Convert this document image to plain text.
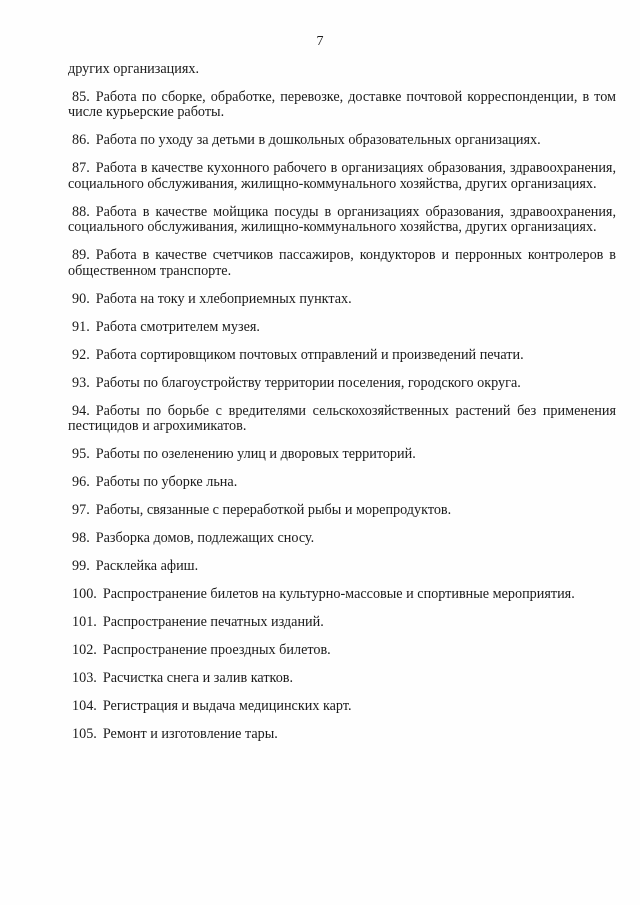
7
других организациях.
85. Работа по сборке, обработке, перевозке, доставке почтовой корреспонденции, в том числе курьерские работы.
86. Работа по уходу за детьми в дошкольных образовательных организациях.
87. Работа в качестве кухонного рабочего в организациях образования, здравоохранения, социального обслуживания, жилищно-коммунального хозяйства, других организациях.
88. Работа в качестве мойщика посуды в организациях образования, здравоохранения, социального обслуживания, жилищно-коммунального хозяйства, других организациях.
89. Работа в качестве счетчиков пассажиров, кондукторов и перронных контролеров в общественном транспорте.
90. Работа на току и хлебоприемных пунктах.
91. Работа смотрителем музея.
92. Работа сортировщиком почтовых отправлений и произведений печати.
93. Работы по благоустройству территории поселения, городского округа.
94. Работы по борьбе с вредителями сельскохозяйственных растений без применения пестицидов и агрохимикатов.
95. Работы по озеленению улиц и дворовых территорий.
96. Работы по уборке льна.
97. Работы, связанные с переработкой рыбы и морепродуктов.
98. Разборка домов, подлежащих сносу.
99. Расклейка афиш.
100. Распространение билетов на культурно-массовые и спортивные мероприятия.
101. Распространение печатных изданий.
102. Распространение проездных билетов.
103. Расчистка снега и залив катков.
104. Регистрация и выдача медицинских карт.
105. Ремонт и изготовление тары.
